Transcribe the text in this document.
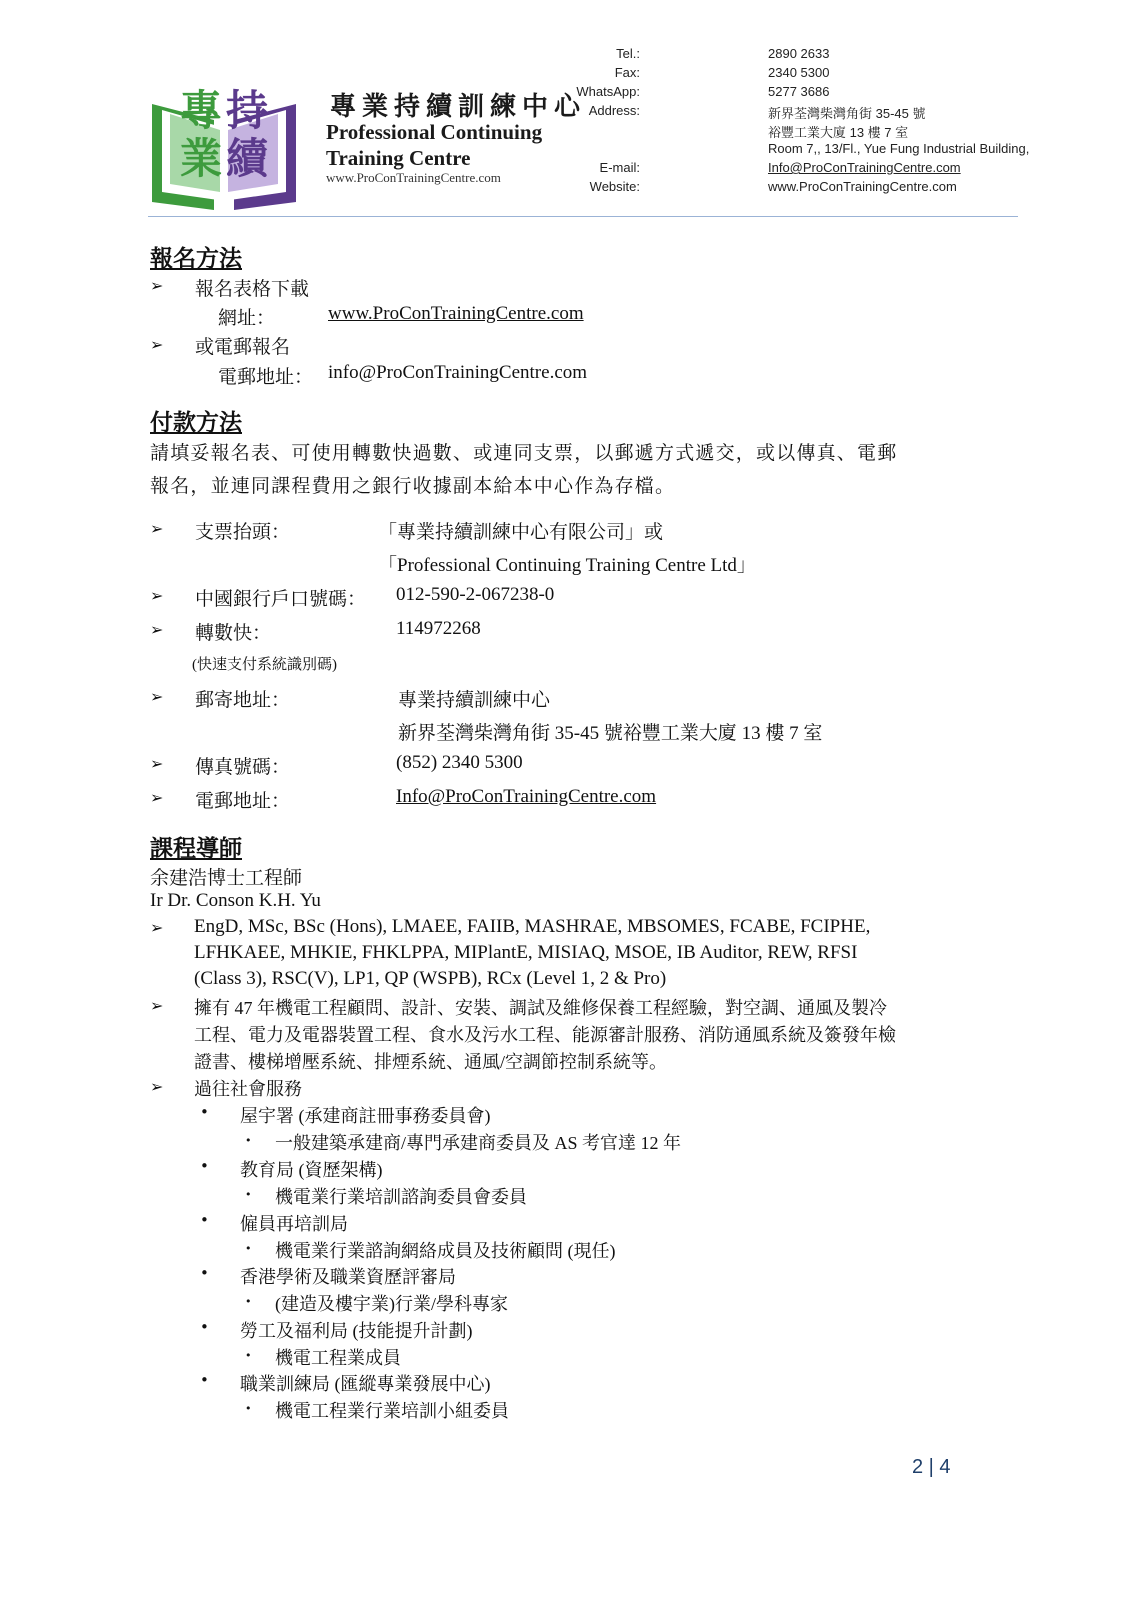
專 持
業 續
專業持續訓練中心
Professional Continuing
Training Centre
www.ProConTrainingCentre.com
Tel.:	2890 2633
Fax:	2340 5300
WhatsApp:	5277 3686
Address:	新界荃灣柴灣角街 35-45 號
裕豐工業大廈 13 樓 7 室
Room 7,, 13/Fl., Yue Fung Industrial Building,
E-mail:	Info@ProConTrainingCentre.com
Website:	www.ProConTrainingCentre.com
報名方法
➢ 報名表格下載
網址：	www.ProConTrainingCentre.com
➢ 或電郵報名
電郵地址： info@ProConTrainingCentre.com
付款方法
請填妥報名表、可使用轉數快過數、或連同支票，以郵遞方式遞交，或以傳真、電郵
報名，並連同課程費用之銀行收據副本給本中心作為存檔。
➢ 支票抬頭：	「專業持續訓練中心有限公司」或
「Professional Continuing Training Centre Ltd」
➢ 中國銀行戶口號碼： 012-590-2-067238-0
➢ 轉數快：	114972268
(快速支付系統識別碼)
➢ 郵寄地址：	專業持續訓練中心
新界荃灣柴灣角街 35-45 號裕豐工業大廈 13 樓 7 室
➢ 傳真號碼：	(852) 2340 5300
➢ 電郵地址：	Info@ProConTrainingCentre.com
課程導師
余建浩博士工程師
Ir Dr. Conson K.H. Yu
➢ EngD, MSc, BSc (Hons), LMAEE, FAIIB, MASHRAE, MBSOMES, FCABE, FCIPHE,
LFHKAEE, MHKIE, FHKLPPA, MIPlantE, MISIAQ, MSOE, IB Auditor, REW, RFSI
(Class 3), RSC(V), LP1, QP (WSPB), RCx (Level 1, 2 & Pro)
➢ 擁有 47 年機電工程顧問、設計、安裝、調試及維修保養工程經驗，對空調、通風及製冷
工程、電力及電器裝置工程、食水及污水工程、能源審計服務、消防通風系統及簽發年檢
證書、樓梯增壓系統、排煙系統、通風/空調節控制系統等。
➢ 過往社會服務
• 屋宇署 (承建商註冊事務委員會)
• 一般建築承建商/專門承建商委員及 AS 考官達 12 年
• 教育局 (資歷架構)
• 機電業行業培訓諮詢委員會委員
• 僱員再培訓局
• 機電業行業諮詢網絡成員及技術顧問 (現任)
• 香港學術及職業資歷評審局
• (建造及樓宇業)行業/學科專家
• 勞工及福利局 (技能提升計劃)
• 機電工程業成員
• 職業訓練局 (匯縱專業發展中心)
• 機電工程業行業培訓小組委員
2 | 4
